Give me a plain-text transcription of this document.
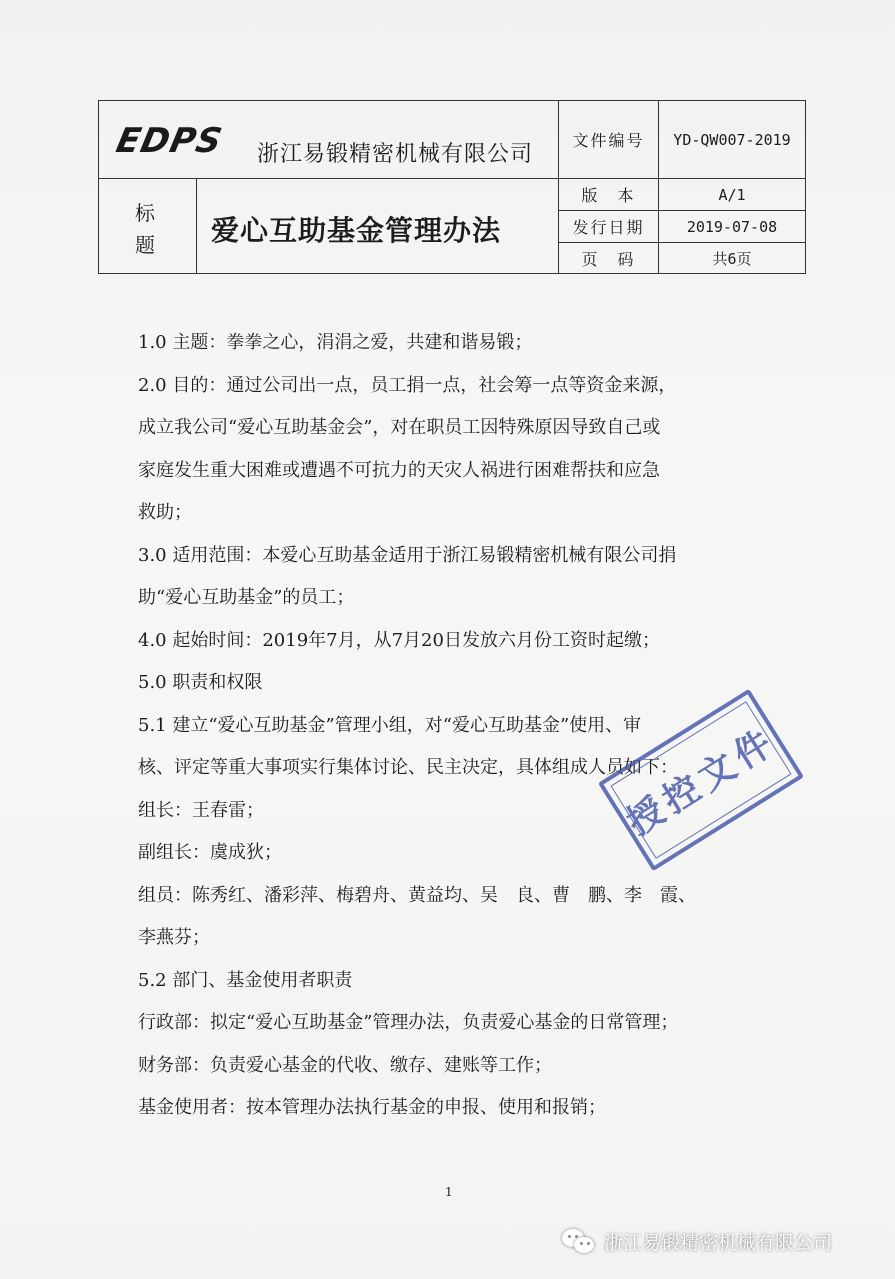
EDPS 浙江易锻精密机械有限公司
标题 爱心互助基金管理办法
文件编号	YD-QW007-2019
版　本	A/1
发行日期	2019-07-08
页　码	共6页

1.0 主题：拳拳之心，涓涓之爱，共建和谐易锻；

2.0 目的：通过公司出一点，员工捐一点，社会筹一点等资金来源，

成立我公司“爱心互助基金会”，对在职员工因特殊原因导致自己或

家庭发生重大困难或遭遇不可抗力的天灾人祸进行困难帮扶和应急

救助；

3.0 适用范围：本爱心互助基金适用于浙江易锻精密机械有限公司捐

助“爱心互助基金”的员工；

4.0 起始时间：2019年7月，从7月20日发放六月份工资时起缴；

5.0 职责和权限

5.1 建立“爱心互助基金”管理小组，对“爱心互助基金”使用、审

核、评定等重大事项实行集体讨论、民主决定，具体组成人员如下：

组长：王春雷；

副组长：虞成狄；

组员：陈秀红、潘彩萍、梅碧舟、黄益均、吴　良、曹　鹏、李　霞、

李燕芬；

5.2 部门、基金使用者职责

行政部：拟定“爱心互助基金”管理办法，负责爱心基金的日常管理；

财务部：负责爱心基金的代收、缴存、建账等工作；

基金使用者：按本管理办法执行基金的申报、使用和报销；

授控文件
1
浙江易锻精密机械有限公司
